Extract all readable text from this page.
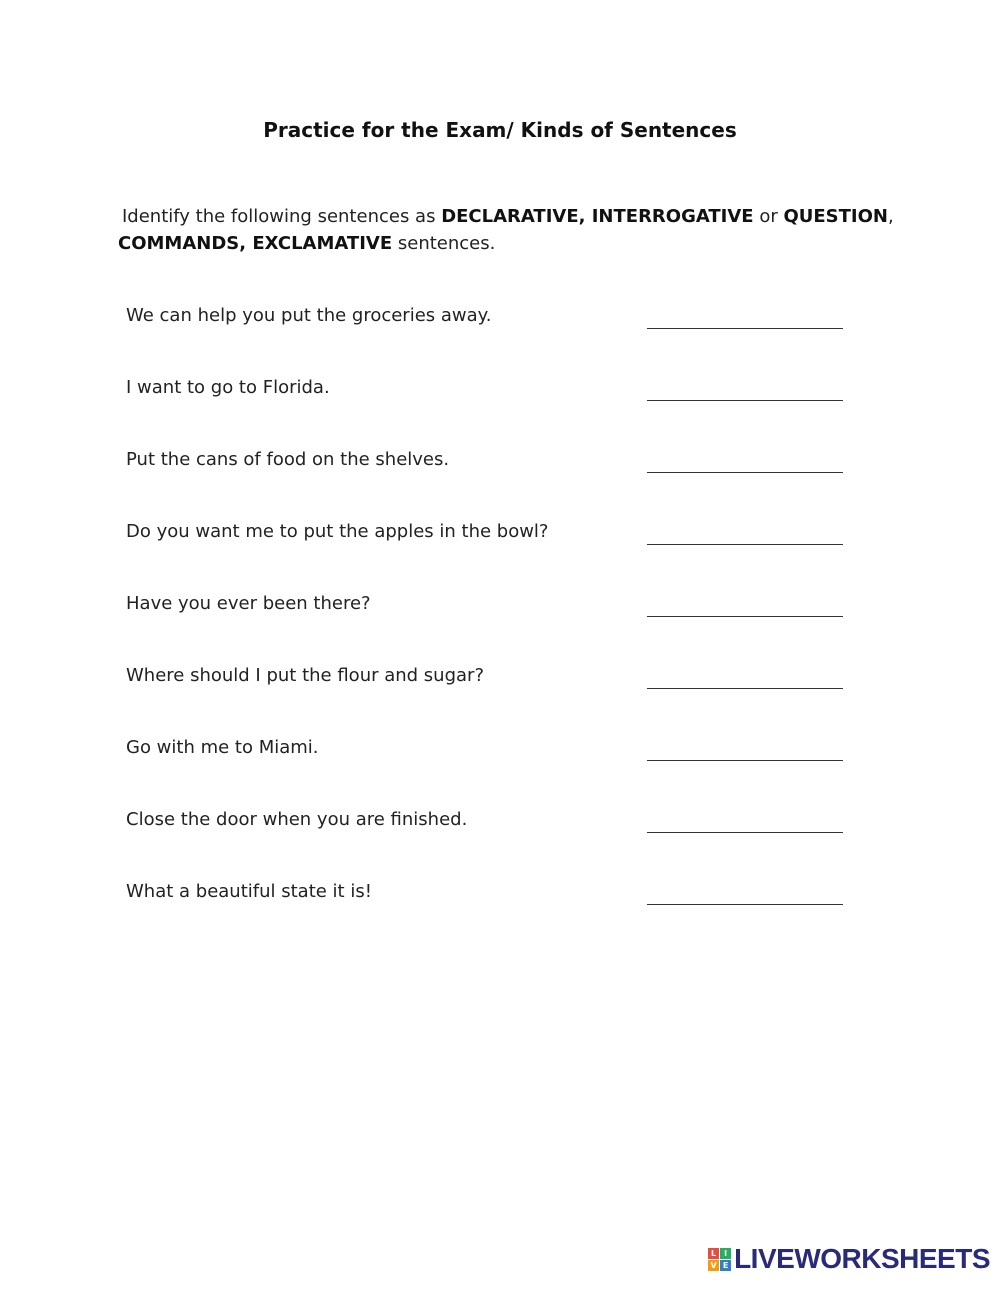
Practice for the Exam/ Kinds of Sentences

Identify the following sentences as DECLARATIVE, INTERROGATIVE or QUESTION, COMMANDS, EXCLAMATIVE sentences.

We can help you put the groceries away.
I want to go to Florida.
Put the cans of food on the shelves.
Do you want me to put the apples in the bowl?
Have you ever been there?
Where should I put the flour and sugar?
Go with me to Miami.
Close the door when you are finished.
What a beautiful state it is!
L I
V E LIVEWORKSHEETS
